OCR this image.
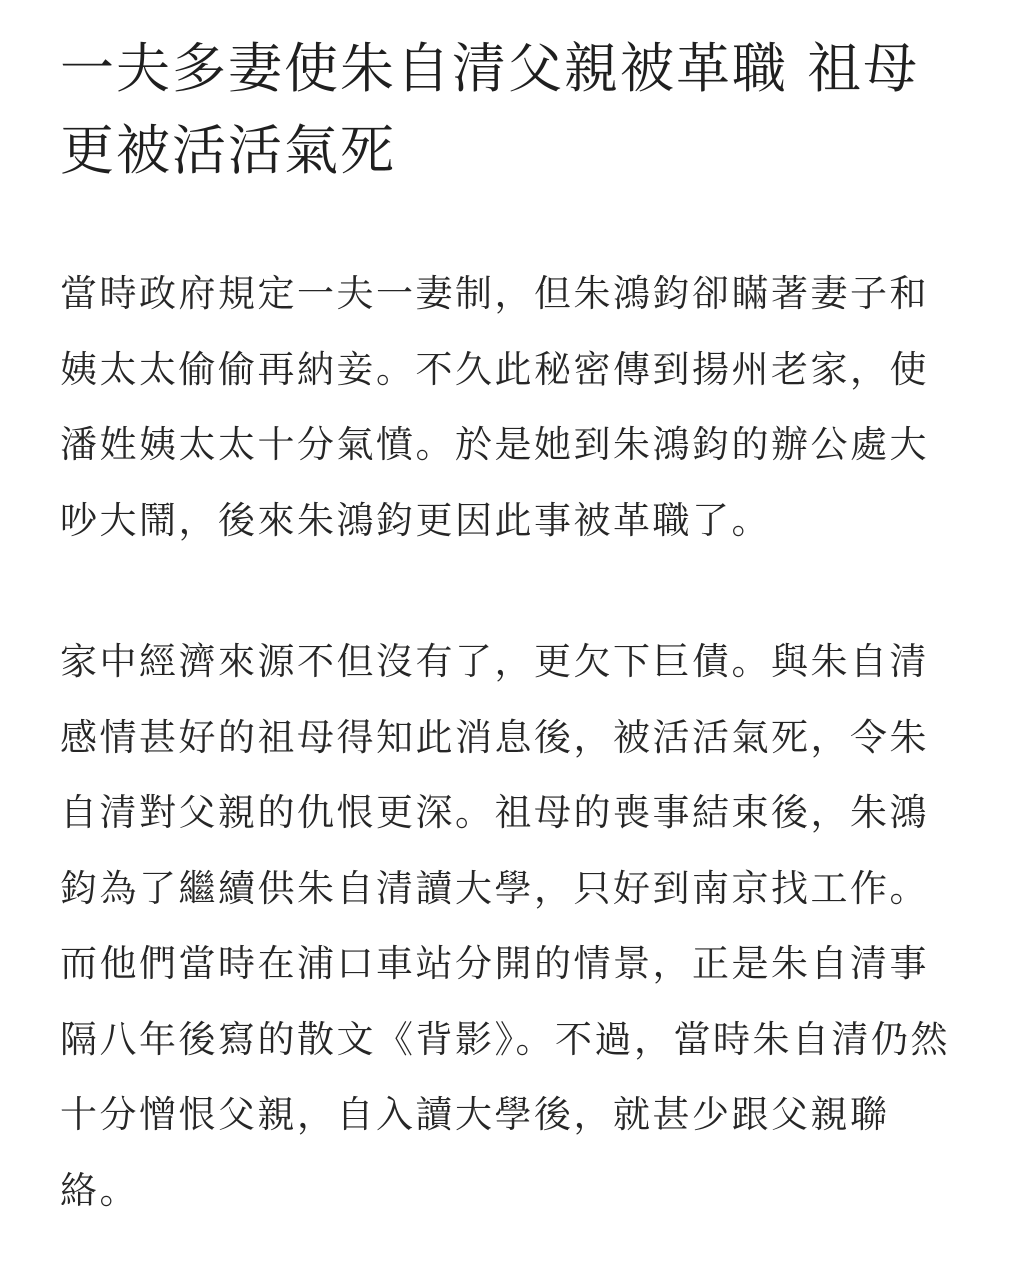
一夫多妻使朱自清父親被革職 祖母更被活活氣死

當時政府規定一夫一妻制，但朱鴻鈞卻瞞著妻子和姨太太偷偷再納妾。不久此秘密傳到揚州老家，使潘姓姨太太十分氣憤。於是她到朱鴻鈞的辦公處大吵大鬧，後來朱鴻鈞更因此事被革職了。

家中經濟來源不但沒有了，更欠下巨債。與朱自清感情甚好的祖母得知此消息後，被活活氣死，令朱自清對父親的仇恨更深。祖母的喪事結束後，朱鴻鈞為了繼續供朱自清讀大學，只好到南京找工作。而他們當時在浦口車站分開的情景，正是朱自清事隔八年後寫的散文《背影》。不過，當時朱自清仍然十分憎恨父親，自入讀大學後，就甚少跟父親聯絡。
